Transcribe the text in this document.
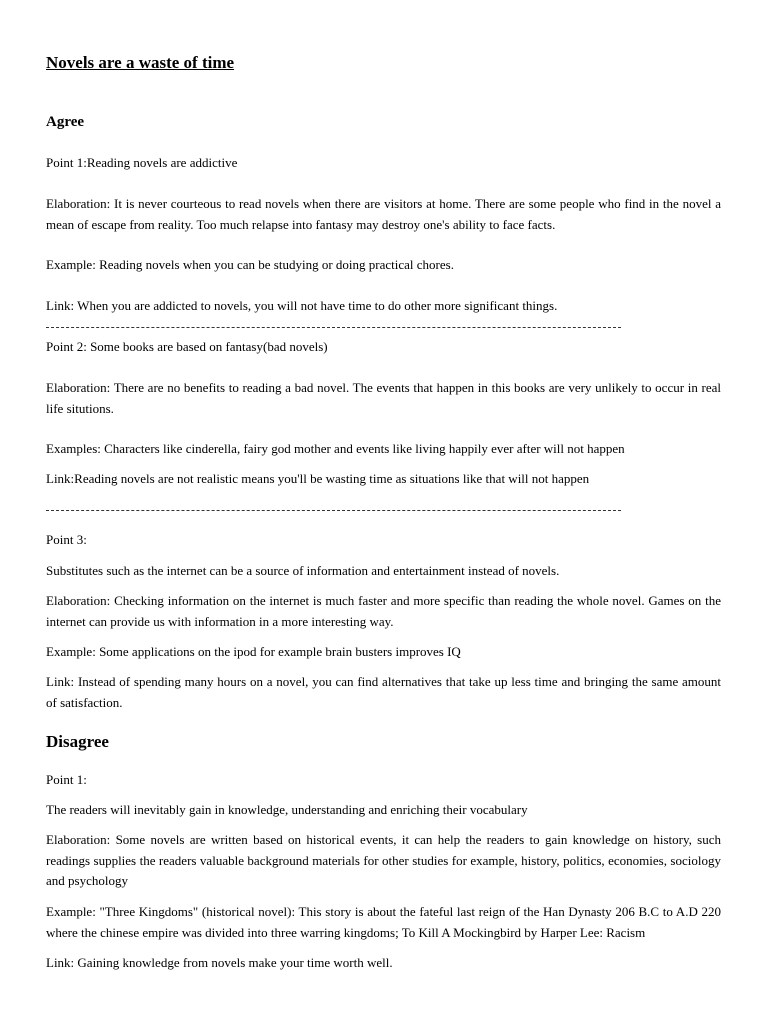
Novels are a waste of time
Agree

Point 1:Reading novels are addictive

Elaboration: It is never courteous to read novels when there are visitors at home. There are some people who find in the novel a mean of escape from reality. Too much relapse into fantasy may destroy one's ability to face facts.

Example: Reading novels when you can be studying or doing practical chores.

Link: When you are addicted to novels, you will not have time to do other more significant things.

Point 2: Some books are based on fantasy(bad novels)

Elaboration: There are no benefits to reading a bad novel. The events that happen in this books are very unlikely to occur in real life situtions.

Examples: Characters like cinderella, fairy god mother and events like living happily ever after will not happen

Link:Reading novels are not realistic means you'll be wasting time as situations like that will not happen

Point 3:

Substitutes such as the internet can be a source of information and entertainment instead of novels.

Elaboration: Checking information on the internet is much faster and more specific than reading the whole novel. Games on the internet can provide us with information in a more interesting way.

Example: Some applications on the ipod for example brain busters improves IQ

Link: Instead of spending many hours on a novel, you can find alternatives that take up less time and bringing the same amount of satisfaction.

Disagree

Point 1:

The readers will inevitably gain in knowledge, understanding and enriching their vocabulary

Elaboration: Some novels are written based on historical events, it can help the readers to gain knowledge on history, such readings supplies the readers valuable background materials for other studies for example, history, politics, economies, sociology and psychology

Example: "Three Kingdoms" (historical novel): This story is about the fateful last reign of the Han Dynasty 206 B.C to A.D 220 where the chinese empire was divided into three warring kingdoms; To Kill A Mockingbird by Harper Lee: Racism

Link: Gaining knowledge from novels make your time worth well.
